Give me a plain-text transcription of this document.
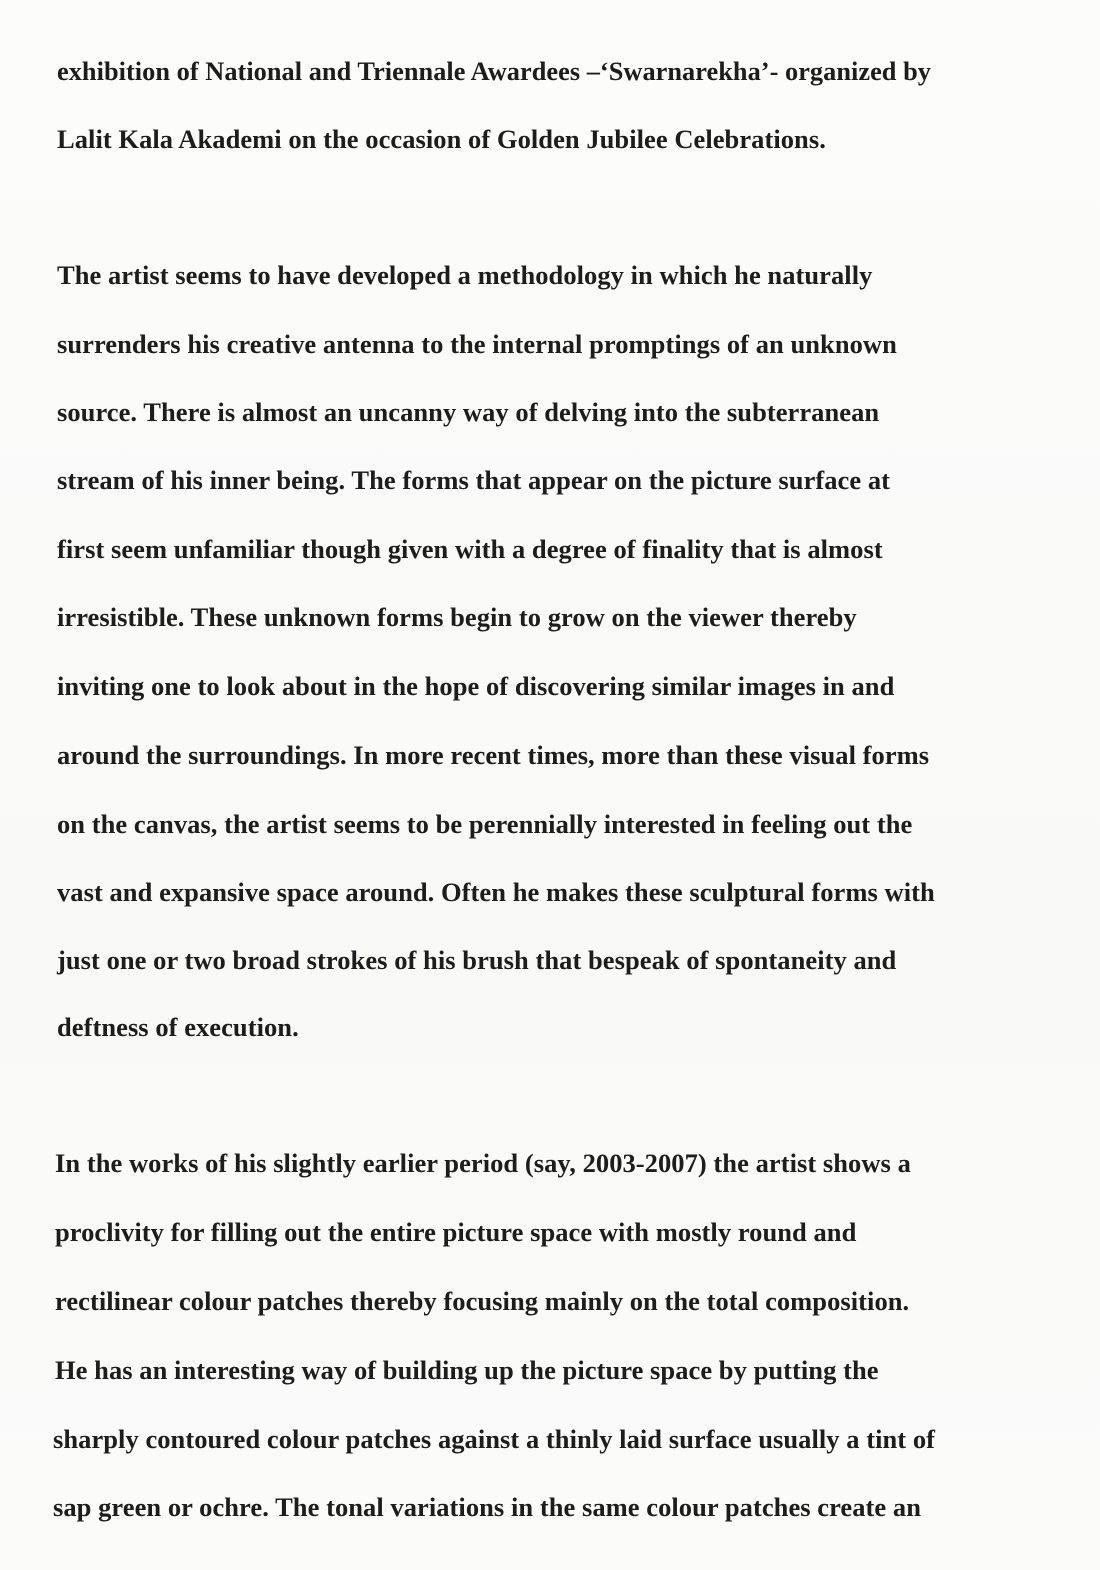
exhibition of National and Triennale Awardees –‘Swarnarekha’- organized by
Lalit Kala Akademi on the occasion of Golden Jubilee Celebrations.
The artist seems to have developed a methodology in which he naturally
surrenders his creative antenna to the internal promptings of an unknown
source. There is almost an uncanny way of delving into the subterranean
stream of his inner being. The forms that appear on the picture surface at
first seem unfamiliar though given with a degree of finality that is almost
irresistible. These unknown forms begin to grow on the viewer thereby
inviting one to look about in the hope of discovering similar images in and
around the surroundings. In more recent times, more than these visual forms
on the canvas, the artist seems to be perennially interested in feeling out the
vast and expansive space around. Often he makes these sculptural forms with
just one or two broad strokes of his brush that bespeak of spontaneity and
deftness of execution.
In the works of his slightly earlier period (say, 2003-2007) the artist shows a
proclivity for filling out the entire picture space with mostly round and
rectilinear colour patches thereby focusing mainly on the total composition.
He has an interesting way of building up the picture space by putting the
sharply contoured colour patches against a thinly laid surface usually a tint of
sap green or ochre. The tonal variations in the same colour patches create an
